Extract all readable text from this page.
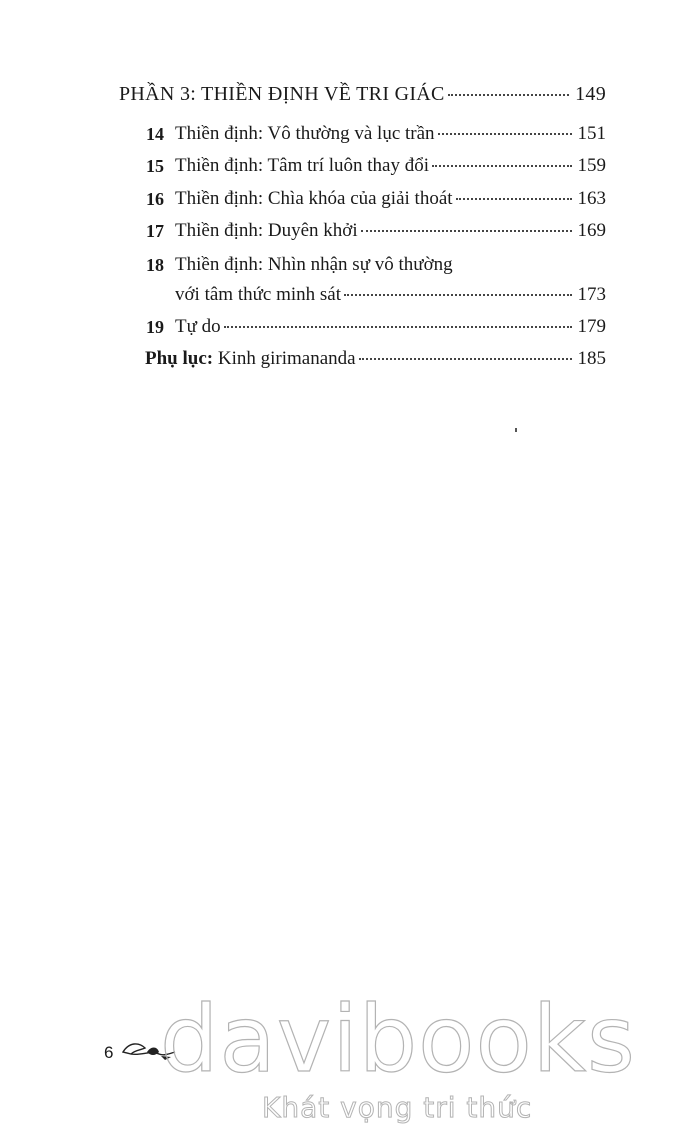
PHẦN 3: THIỀN ĐỊNH VỀ TRI GIÁC	149
14 Thiền định: Vô thường và lục trần	151
15 Thiền định: Tâm trí luôn thay đổi	159
16 Thiền định: Chìa khóa của giải thoát	163
17 Thiền định: Duyên khởi	169
18 Thiền định: Nhìn nhận sự vô thường
với tâm thức minh sát	173
19 Tự do	179
Phụ lục: Kinh girimananda	185
6 davibooks
Khát vọng tri thức
